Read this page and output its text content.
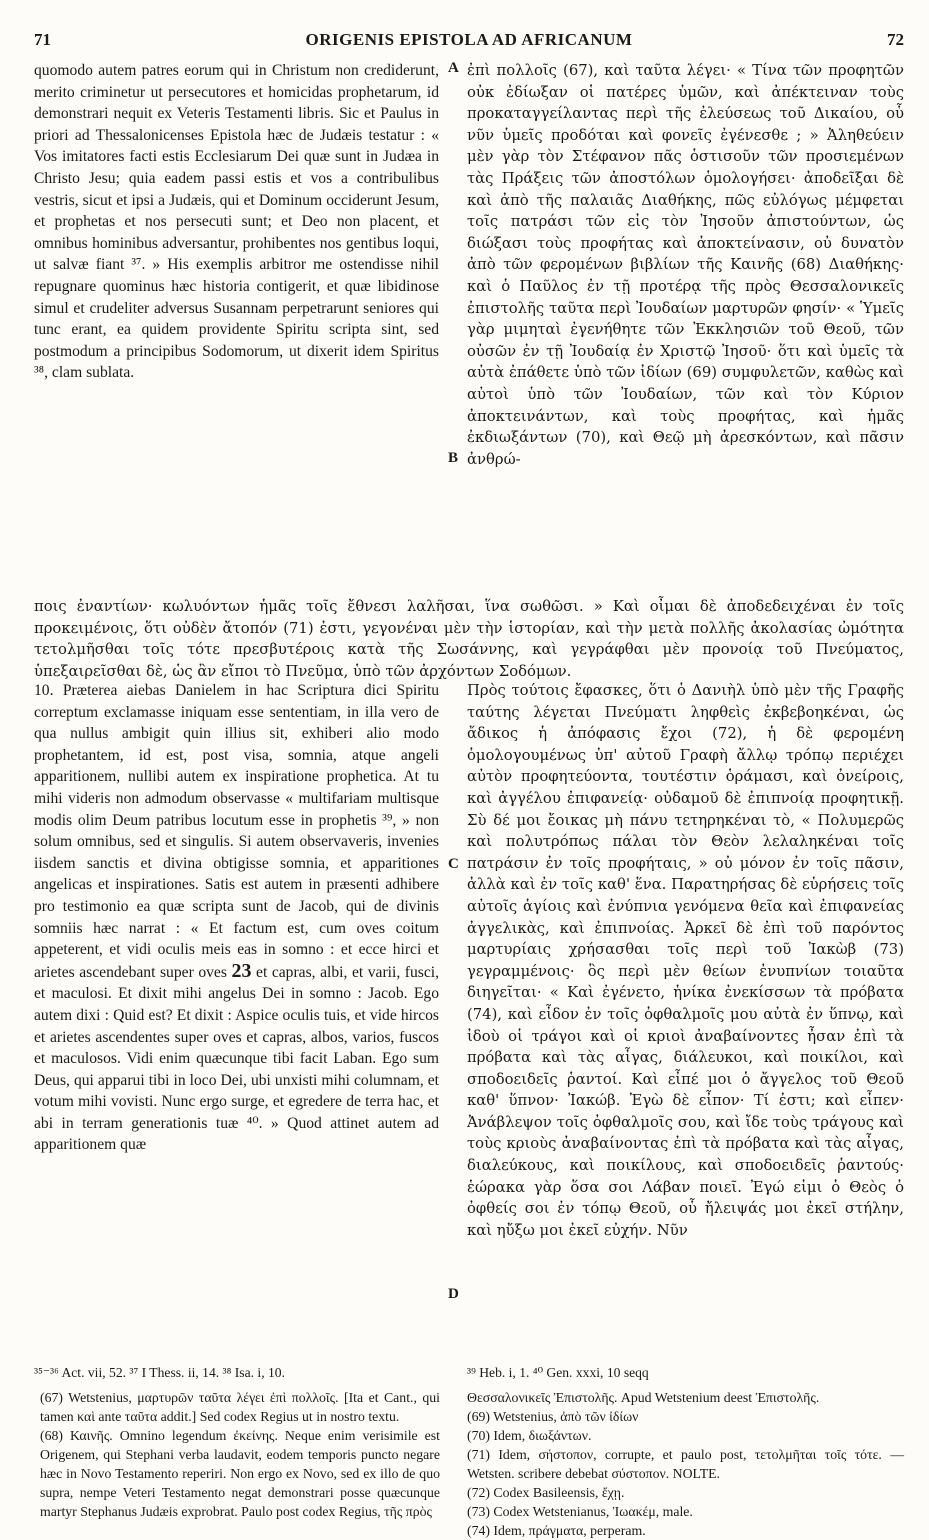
71	ORIGENIS EPISTOLA AD AFRICANUM	72
quomodo autem patres eorum qui in Christum non crediderunt, merito criminetur ut persecutores et homicidas prophetarum, id demonstrari nequit ex Veteris Testamenti libris. Sic et Paulus in priori ad Thessalonicenses Epistola hæc de Judæis testatur : « Vos imitatores facti estis Ecclesiarum Dei quæ sunt in Judæa in Christo Jesu; quia eadem passi estis et vos a contribulibus vestris, sicut et ipsi a Judæis, qui et Dominum occiderunt Jesum, et prophetas et nos persecuti sunt; et Deo non placent, et omnibus hominibus adversantur, prohibentes nos gentibus loqui, ut salvæ fiant ³⁷. » His exemplis arbitror me ostendisse nihil repugnare quominus hæc historia contigerit, et quæ libidinose simul et crudeliter adversus Susannam perpetrarunt seniores qui tunc erant, ea quidem providente Spiritu scripta sint, sed postmodum a principibus Sodomorum, ut dixerit idem Spiritus ³⁸, clam sublata.
ἐπὶ πολλοῖς (67), καὶ ταῦτα λέγει· « Τίνα τῶν προφητῶν οὐκ ἐδίωξαν οἱ πατέρες ὑμῶν, καὶ ἀπέκτειναν τοὺς προκαταγγείλαντας περὶ τῆς ἐλεύσεως τοῦ Δικαίου, οὗ νῦν ὑμεῖς προδόται καὶ φονεῖς ἐγένεσθε ; » Ἀληθεύειν μὲν γὰρ τὸν Στέφανον πᾶς ὁστισοῦν τῶν προσιεμένων τὰς Πράξεις τῶν ἀποστόλων ὁμολογήσει· ἀποδεῖξαι δὲ καὶ ἀπὸ τῆς παλαιᾶς Διαθήκης, πῶς εὐλόγως μέμφεται τοῖς πατράσι τῶν εἰς τὸν Ἰησοῦν ἀπιστούντων, ὡς διώξασι τοὺς προφήτας καὶ ἀποκτείνασιν, οὐ δυνατὸν ἀπὸ τῶν φερομένων βιβλίων τῆς Καινῆς (68) Διαθήκης· καὶ ὁ Παῦλος ἐν τῇ προτέρᾳ τῆς πρὸς Θεσσαλονικεῖς ἐπιστολῆς ταῦτα περὶ Ἰουδαίων μαρτυρῶν φησίν· « Ὑμεῖς γὰρ μιμηταὶ ἐγενήθητε τῶν Ἐκκλησιῶν τοῦ Θεοῦ, τῶν οὐσῶν ἐν τῇ Ἰουδαίᾳ ἐν Χριστῷ Ἰησοῦ· ὅτι καὶ ὑμεῖς τὰ αὐτὰ ἐπάθετε ὑπὸ τῶν ἰδίων (69) συμφυλετῶν, καθὼς καὶ αὐτοὶ ὑπὸ τῶν Ἰουδαίων, τῶν καὶ τὸν Κύριον ἀποκτεινάντων, καὶ τοὺς προφήτας, καὶ ἡμᾶς ἐκδιωξάντων (70), καὶ Θεῷ μὴ ἀρεσκόντων, καὶ πᾶσιν ἀνθρώ-
A
B
ποις ἐναντίων· κωλυόντων ἡμᾶς τοῖς ἔθνεσι λαλῆσαι, ἵνα σωθῶσι. » Καὶ οἶμαι δὲ ἀποδεδειχέναι ἐν τοῖς προκειμένοις, ὅτι οὐδὲν ἄτοπόν (71) ἐστι, γεγονέναι μὲν τὴν ἱστορίαν, καὶ τὴν μετὰ πολλῆς ἀκολασίας ὠμότητα τετολμῆσθαι τοῖς τότε πρεσβυτέροις κατὰ τῆς Σωσάννης, καὶ γεγράφθαι μὲν προνοίᾳ τοῦ Πνεύματος, ὑπεξαιρεῖσθαι δὲ, ὡς ἂν εἴποι τὸ Πνεῦμα, ὑπὸ τῶν ἀρχόντων Σοδόμων.
10. Præterea aiebas Danielem in hac Scriptura dici Spiritu correptum exclamasse iniquam esse sententiam, in illa vero de qua nullus ambigit quin illius sit, exhiberi alio modo prophetantem, id est, post visa, somnia, atque angeli apparitionem, nullibi autem ex inspiratione prophetica. At tu mihi videris non admodum observasse « multifariam multisque modis olim Deum patribus locutum esse in prophetis ³⁹, » non solum omnibus, sed et singulis. Si autem observaveris, invenies iisdem sanctis et divina obtigisse somnia, et apparitiones angelicas et inspirationes. Satis est autem in præsenti adhibere pro testimonio ea quæ scripta sunt de Jacob, qui de divinis somniis hæc narrat : « Et factum est, cum oves coitum appeterent, et vidi oculis meis eas in somno : et ecce hirci et arietes ascendebant super oves 23 et capras, albi, et varii, fusci, et maculosi. Et dixit mihi angelus Dei in somno : Jacob. Ego autem dixi : Quid est? Et dixit : Aspice oculis tuis, et vide hircos et arietes ascendentes super oves et capras, albos, varios, fuscos et maculosos. Vidi enim quæcunque tibi facit Laban. Ego sum Deus, qui apparui tibi in loco Dei, ubi unxisti mihi columnam, et votum mihi vovisti. Nunc ergo surge, et egredere de terra hac, et abi in terram generationis tuæ ⁴⁰. » Quod attinet autem ad apparitionem quæ
Πρὸς τούτοις ἔφασκες, ὅτι ὁ Δανιὴλ ὑπὸ μὲν τῆς Γραφῆς ταύτης λέγεται Πνεύματι ληφθεὶς ἐκβεβοηκέναι, ὡς ἄδικος ἡ ἀπόφασις ἔχοι (72), ἡ δὲ φερομένη ὁμολογουμένως ὑπ' αὐτοῦ Γραφὴ ἄλλῳ τρόπῳ περιέχει αὐτὸν προφητεύοντα, τουτέστιν ὁράμασι, καὶ ὀνείροις, καὶ ἀγγέλου ἐπιφανείᾳ· οὐδαμοῦ δὲ ἐπιπνοίᾳ προφητικῇ. Σὺ δέ μοι ἔοικας μὴ πάνυ τετηρηκέναι τὸ, « Πολυμερῶς καὶ πολυτρόπως πάλαι τὸν Θεὸν λελαληκέναι τοῖς πατράσιν ἐν τοῖς προφήταις, » οὐ μόνον ἐν τοῖς πᾶσιν, ἀλλὰ καὶ ἐν τοῖς καθ' ἕνα. Παρατηρήσας δὲ εὑρήσεις τοῖς αὐτοῖς ἁγίοις καὶ ἐνύπνια γενόμενα θεῖα καὶ ἐπιφανείας ἀγγελικὰς, καὶ ἐπιπνοίας. Ἀρκεῖ δὲ ἐπὶ τοῦ παρόντος μαρτυρίαις χρήσασθαι τοῖς περὶ τοῦ Ἰακὼβ (73) γεγραμμένοις· ὃς περὶ μὲν θείων ἐνυπνίων τοιαῦτα διηγεῖται· « Καὶ ἐγένετο, ἡνίκα ἐνεκίσσων τὰ πρόβατα (74), καὶ εἶδον ἐν τοῖς ὀφθαλμοῖς μου αὐτὰ ἐν ὕπνῳ, καὶ ἰδοὺ οἱ τράγοι καὶ οἱ κριοὶ ἀναβαίνοντες ἦσαν ἐπὶ τὰ πρόβατα καὶ τὰς αἶγας, διάλευκοι, καὶ ποικίλοι, καὶ σποδοειδεῖς ῥαντοί. Καὶ εἶπέ μοι ὁ ἄγγελος τοῦ Θεοῦ καθ' ὕπνον· Ἰακώβ. Ἐγὼ δὲ εἶπον· Τί ἐστι; καὶ εἶπεν· Ἀνάβλεψον τοῖς ὀφθαλμοῖς σου, καὶ ἴδε τοὺς τράγους καὶ τοὺς κριοὺς ἀναβαίνοντας ἐπὶ τὰ πρόβατα καὶ τὰς αἶγας, διαλεύκους, καὶ ποικίλους, καὶ σποδοειδεῖς ῥαντούς· ἑώρακα γὰρ ὅσα σοι Λάβαν ποιεῖ. Ἐγώ εἰμι ὁ Θεὸς ὁ ὀφθείς σοι ἐν τόπῳ Θεοῦ, οὗ ἤλειψάς μοι ἐκεῖ στήλην, καὶ ηὔξω μοι ἐκεῖ εὐχήν. Νῦν
C
D
³⁵⁻³⁶ Act. vii, 52. ³⁷ I Thess. ii, 14. ³⁸ Isa. i, 10.	³⁹ Heb. i, 1. ⁴⁰ Gen. xxxi, 10 seqq

(67) Wetstenius, μαρτυρῶν ταῦτα λέγει ἐπὶ πολλοῖς. [Ita et Cant., qui tamen καὶ ante ταῦτα addit.] Sed codex Regius ut in nostro textu.

(68) Καινῆς. Omnino legendum ἐκείνης. Neque enim verisimile est Origenem, qui Stephani verba laudavit, eodem temporis puncto negare hæc in Novo Testamento reperiri. Non ergo ex Novo, sed ex illo de quo supra, nempe Veteri Testamento negat demonstrari posse quæcunque martyr Stephanus Judæis exprobrat. Paulo post codex Regius, τῆς πρὸς

Θεσσαλονικεῖς Ἐπιστολῆς. Apud Wetstenium deest Ἐπιστολῆς.

(69) Wetstenius, ἀπὸ τῶν ἰδίων

(70) Idem, διωξάντων.

(71) Idem, σήστοπον, corrupte, et paulo post, τετολμῆται τοῖς τότε. — Wetsten. scribere debebat σύστοπον. NOLTE.

(72) Codex Basileensis, ἔχῃ.

(73) Codex Wetstenianus, Ἰωακέμ, male.

(74) Idem, πράγματα, perperam.
